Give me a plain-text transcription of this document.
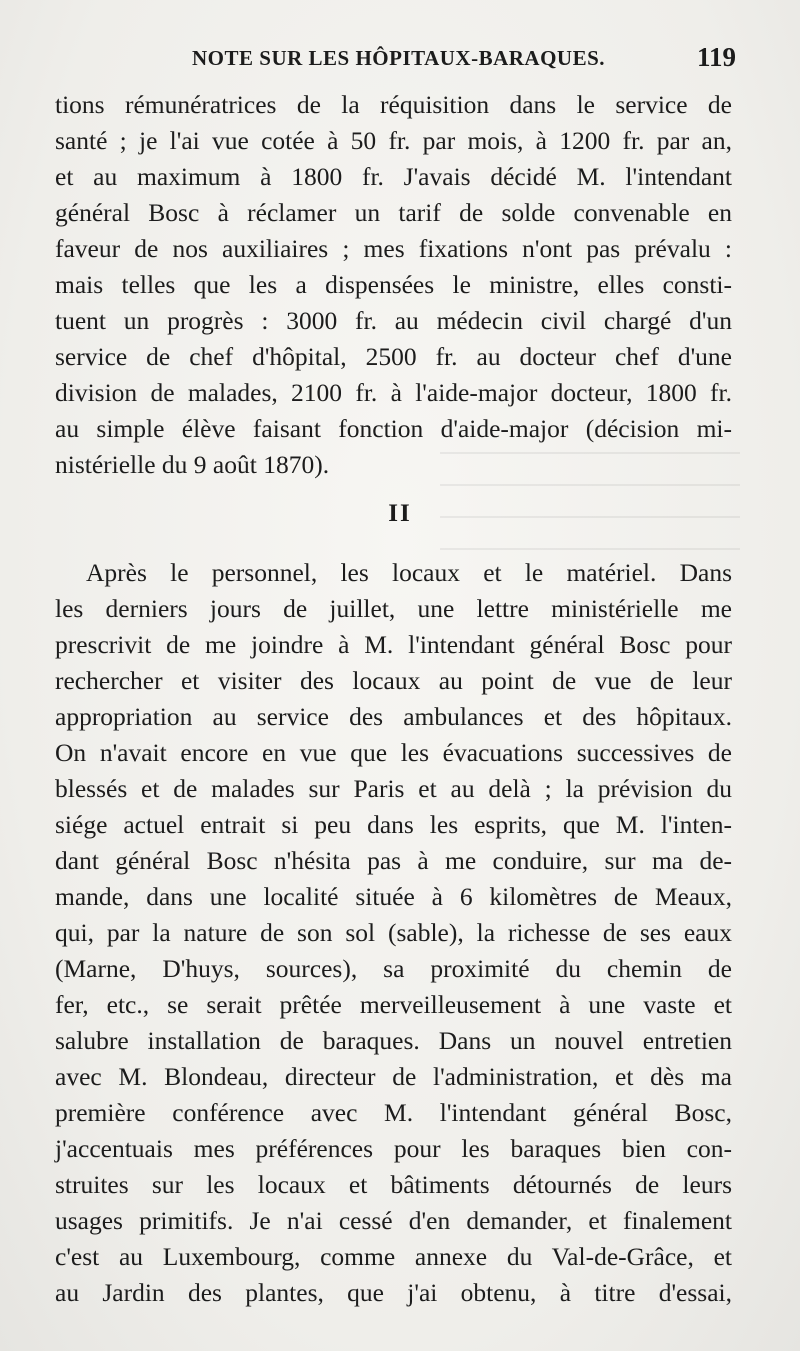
NOTE SUR LES HÔPITAUX-BARAQUES.	119
tions rémunératrices de la réquisition dans le service de
santé ; je l'ai vue cotée à 50 fr. par mois, à 1200 fr. par an,
et au maximum à 1800 fr. J'avais décidé M. l'intendant
général Bosc à réclamer un tarif de solde convenable en
faveur de nos auxiliaires ; mes fixations n'ont pas prévalu :
mais telles que les a dispensées le ministre, elles consti-
tuent un progrès : 3000 fr. au médecin civil chargé d'un
service de chef d'hôpital, 2500 fr. au docteur chef d'une
division de malades, 2100 fr. à l'aide-major docteur, 1800 fr.
au simple élève faisant fonction d'aide-major (décision mi-
nistérielle du 9 août 1870).
II
Après le personnel, les locaux et le matériel. Dans
les derniers jours de juillet, une lettre ministérielle me
prescrivit de me joindre à M. l'intendant général Bosc pour
rechercher et visiter des locaux au point de vue de leur
appropriation au service des ambulances et des hôpitaux.
On n'avait encore en vue que les évacuations successives de
blessés et de malades sur Paris et au delà ; la prévision du
siége actuel entrait si peu dans les esprits, que M. l'inten-
dant général Bosc n'hésita pas à me conduire, sur ma de-
mande, dans une localité située à 6 kilomètres de Meaux,
qui, par la nature de son sol (sable), la richesse de ses eaux
(Marne, D'huys, sources), sa proximité du chemin de
fer, etc., se serait prêtée merveilleusement à une vaste et
salubre installation de baraques. Dans un nouvel entretien
avec M. Blondeau, directeur de l'administration, et dès ma
première conférence avec M. l'intendant général Bosc,
j'accentuais mes préférences pour les baraques bien con-
struites sur les locaux et bâtiments détournés de leurs
usages primitifs. Je n'ai cessé d'en demander, et finalement
c'est au Luxembourg, comme annexe du Val-de-Grâce, et
au Jardin des plantes, que j'ai obtenu, à titre d'essai,
